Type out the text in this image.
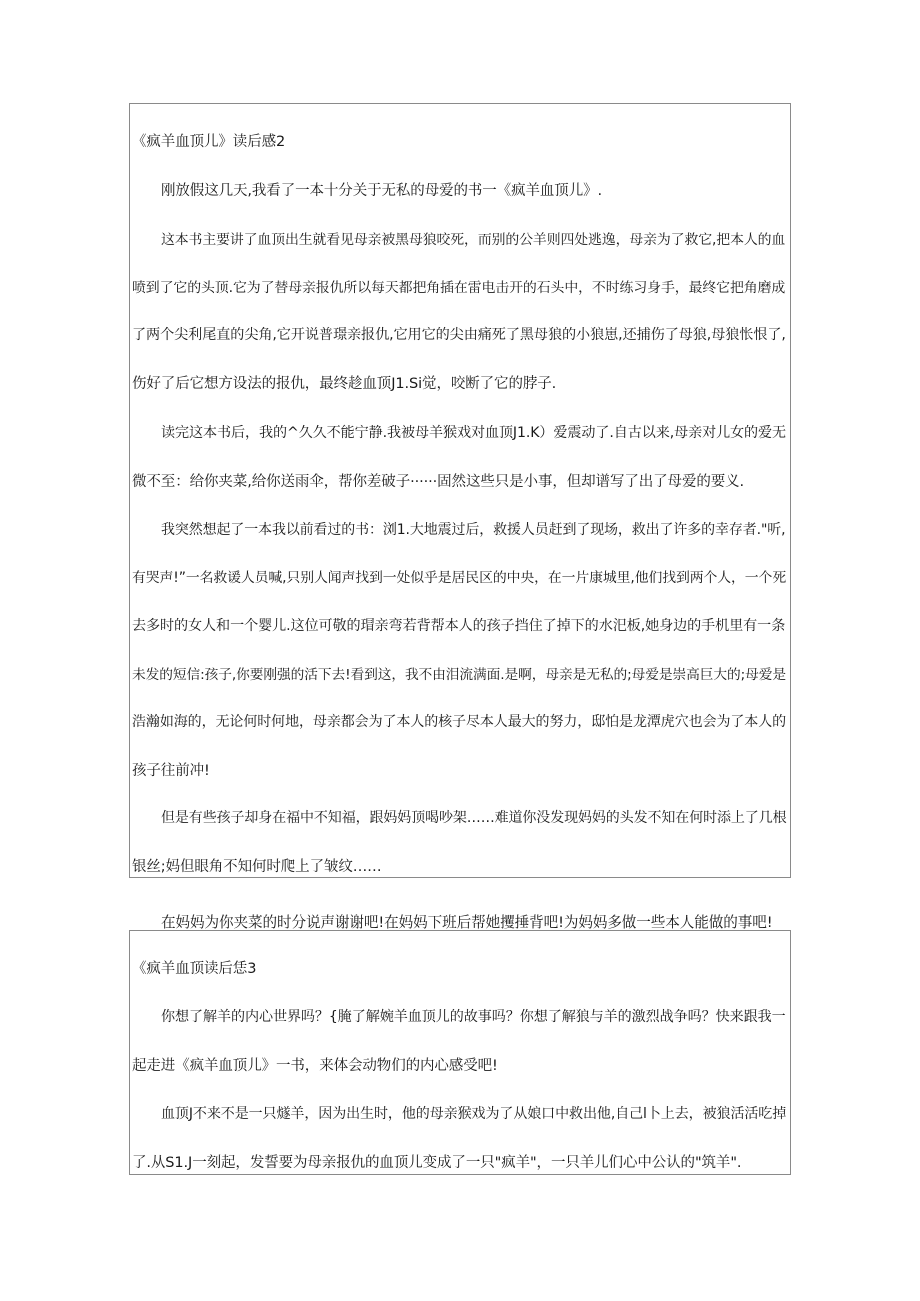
《疯羊血顶儿》读后感2
刚放假这几天,我看了一本十分关于无私的母爱的书一《疯羊血顶儿》.
这本书主要讲了血顶出生就看见母亲被黑母狼咬死，而别的公羊则四处逃逸，母亲为了救它,把本人的血
喷到了它的头顶.它为了替母亲报仇所以每天都把角插在雷电击开的石头中，不时练习身手，最终它把角磨成
了两个尖利尾直的尖角,它开说普璟亲报仇,它用它的尖由痛死了黑母狼的小狼崽,还捕伤了母狼,母狼怅恨了,
伤好了后它想方设法的报仇，最终趁血顶J1.Si觉，咬断了它的脖子.
读完这本书后，我的^久久不能宁静.我被母羊猴戏对血顶J1.K）爱震动了.自古以来,母亲对儿女的爱无
微不至：给你夹菜,给你送雨伞，帮你差破子······固然这些只是小事，但却谱写了出了母爱的要义.
我突然想起了一本我以前看过的书：浏1.大地震过后，救援人员赶到了现场，救出了许多的幸存者."听,
有哭声!”一名救谖人员喊,只别人闻声找到一处似乎是居民区的中央，在一片康城里,他们找到两个人，一个死
去多时的女人和一个婴儿.这位可敬的瑁亲弯若背帮本人的孩子挡住了掉下的水汜板,她身边的手机里有一条
未发的短信:孩子,你要刚强的活下去!看到这，我不由泪流满面.是啊，母亲是无私的;母爱是崇高巨大的;母爱是
浩瀚如海的，无论何时何地，母亲都会为了本人的核子尽本人最大的努力，邸怕是龙潭虎穴也会为了本人的
孩子往前冲!
但是有些孩子却身在福中不知福，跟妈妈顶喝吵架……难道你没发现妈妈的头发不知在何时添上了几根
银丝;妈但眼角不知何时爬上了皱纹……
在妈妈为你夹菜的时分说声谢谢吧!在妈妈下班后帮她攫捶背吧!为妈妈多做一些本人能做的事吧!
《疯羊血顶读后恁3
你想了解羊的内心世界吗？{腌了解婉羊血顶儿的故事吗？你想了解狼与羊的激烈战争吗？快来跟我一
起走进《疯羊血顶儿》一书，来体会动物们的内心感受吧!
血顶J不来不是一只燧羊，因为出生时，他的母亲猴戏为了从娘口中救出他,自己l卜上去，被狼活活吃掉
了.从S1.J一刻起，发誓要为母亲报仇的血顶儿变成了一只"疯羊"，一只羊儿们心中公认的"筑羊".
